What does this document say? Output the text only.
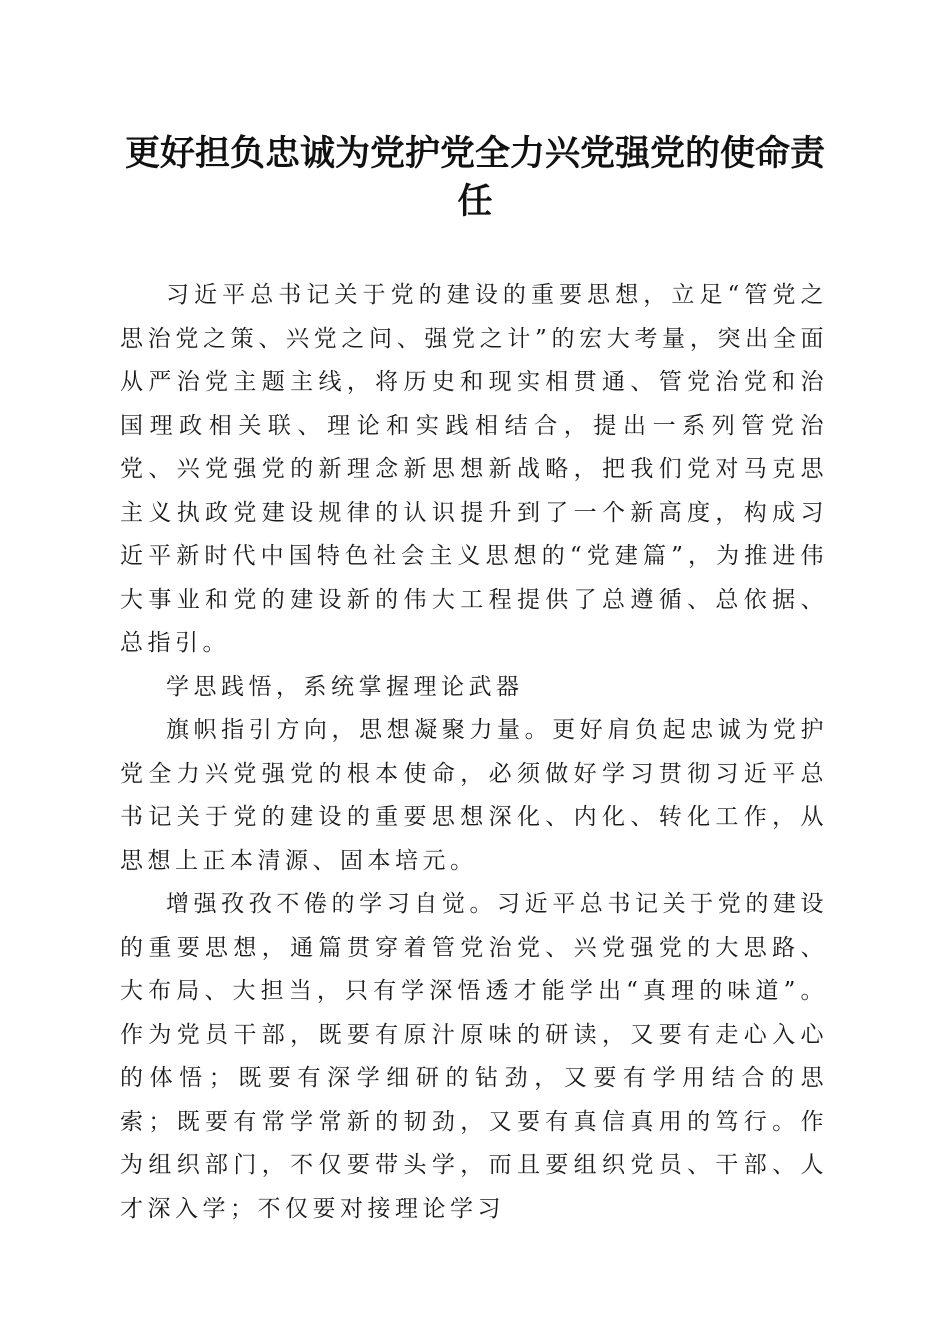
更好担负忠诚为党护党全力兴党强党的使命责任

习近平总书记关于党的建设的重要思想，立足“管党之思治党之策、兴党之问、强党之计”的宏大考量，突出全面从严治党主题主线，将历史和现实相贯通、管党治党和治国理政相关联、理论和实践相结合，提出一系列管党治党、兴党强党的新理念新思想新战略，把我们党对马克思主义执政党建设规律的认识提升到了一个新高度，构成习近平新时代中国特色社会主义思想的“党建篇”，为推进伟大事业和党的建设新的伟大工程提供了总遵循、总依据、总指引。

学思践悟，系统掌握理论武器

旗帜指引方向，思想凝聚力量。更好肩负起忠诚为党护党全力兴党强党的根本使命，必须做好学习贯彻习近平总书记关于党的建设的重要思想深化、内化、转化工作，从思想上正本清源、固本培元。

增强孜孜不倦的学习自觉。习近平总书记关于党的建设的重要思想，通篇贯穿着管党治党、兴党强党的大思路、大布局、大担当，只有学深悟透才能学出“真理的味道”。作为党员干部，既要有原汁原味的研读，又要有走心入心的体悟；既要有深学细研的钻劲，又要有学用结合的思索；既要有常学常新的韧劲，又要有真信真用的笃行。作为组织部门，不仅要带头学，而且要组织党员、干部、人才深入学；不仅要对接理论学习
